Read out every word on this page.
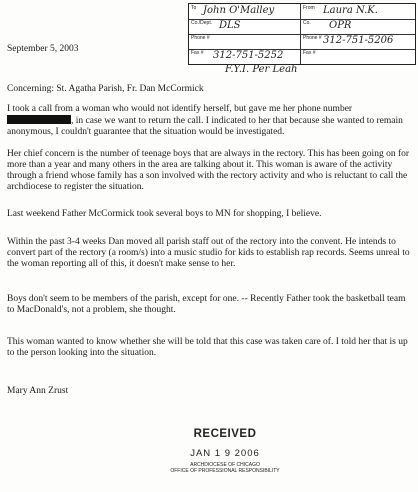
To John O'Malley	From Laura N.K.
Co./Dept. DLS	Co. OPR
Phone #	Phone # 312-751-5206
Fax # 312-751-5252	Fax #
F.Y.I. Per Leah
September 5, 2003
Concerning: St. Agatha Parish, Fr. Dan McCormick

I took a call from a woman who would not identify herself, but gave me her phone number, in case we want to return the call. I indicated to her that because she wanted to remain anonymous, I couldn't guarantee that the situation would be investigated.

Her chief concern is the number of teenage boys that are always in the rectory. This has been going on for more than a year and many others in the area are talking about it. This woman is aware of the activity through a friend whose family has a son involved with the rectory activity and who is reluctant to call the archdiocese to register the situation.

Last weekend Father McCormick took several boys to MN for shopping, I believe.

Within the past 3-4 weeks Dan moved all parish staff out of the rectory into the convent. He intends to convert part of the rectory (a room/s) into a music studio for kids to establish rap records. Seems unreal to the woman reporting all of this, it doesn't make sense to her.

Boys don't seem to be members of the parish, except for one. -- Recently Father took the basketball team to MacDonald's, not a problem, she thought.

This woman wanted to know whether she will be told that this case was taken care of. I told her that is up to the person looking into the situation.

Mary Ann Zrust
RECEIVED
JAN 1 9 2006
ARCHDIOCESE OF CHICAGO
OFFICE OF PROFESSIONAL RESPONSIBILITY
